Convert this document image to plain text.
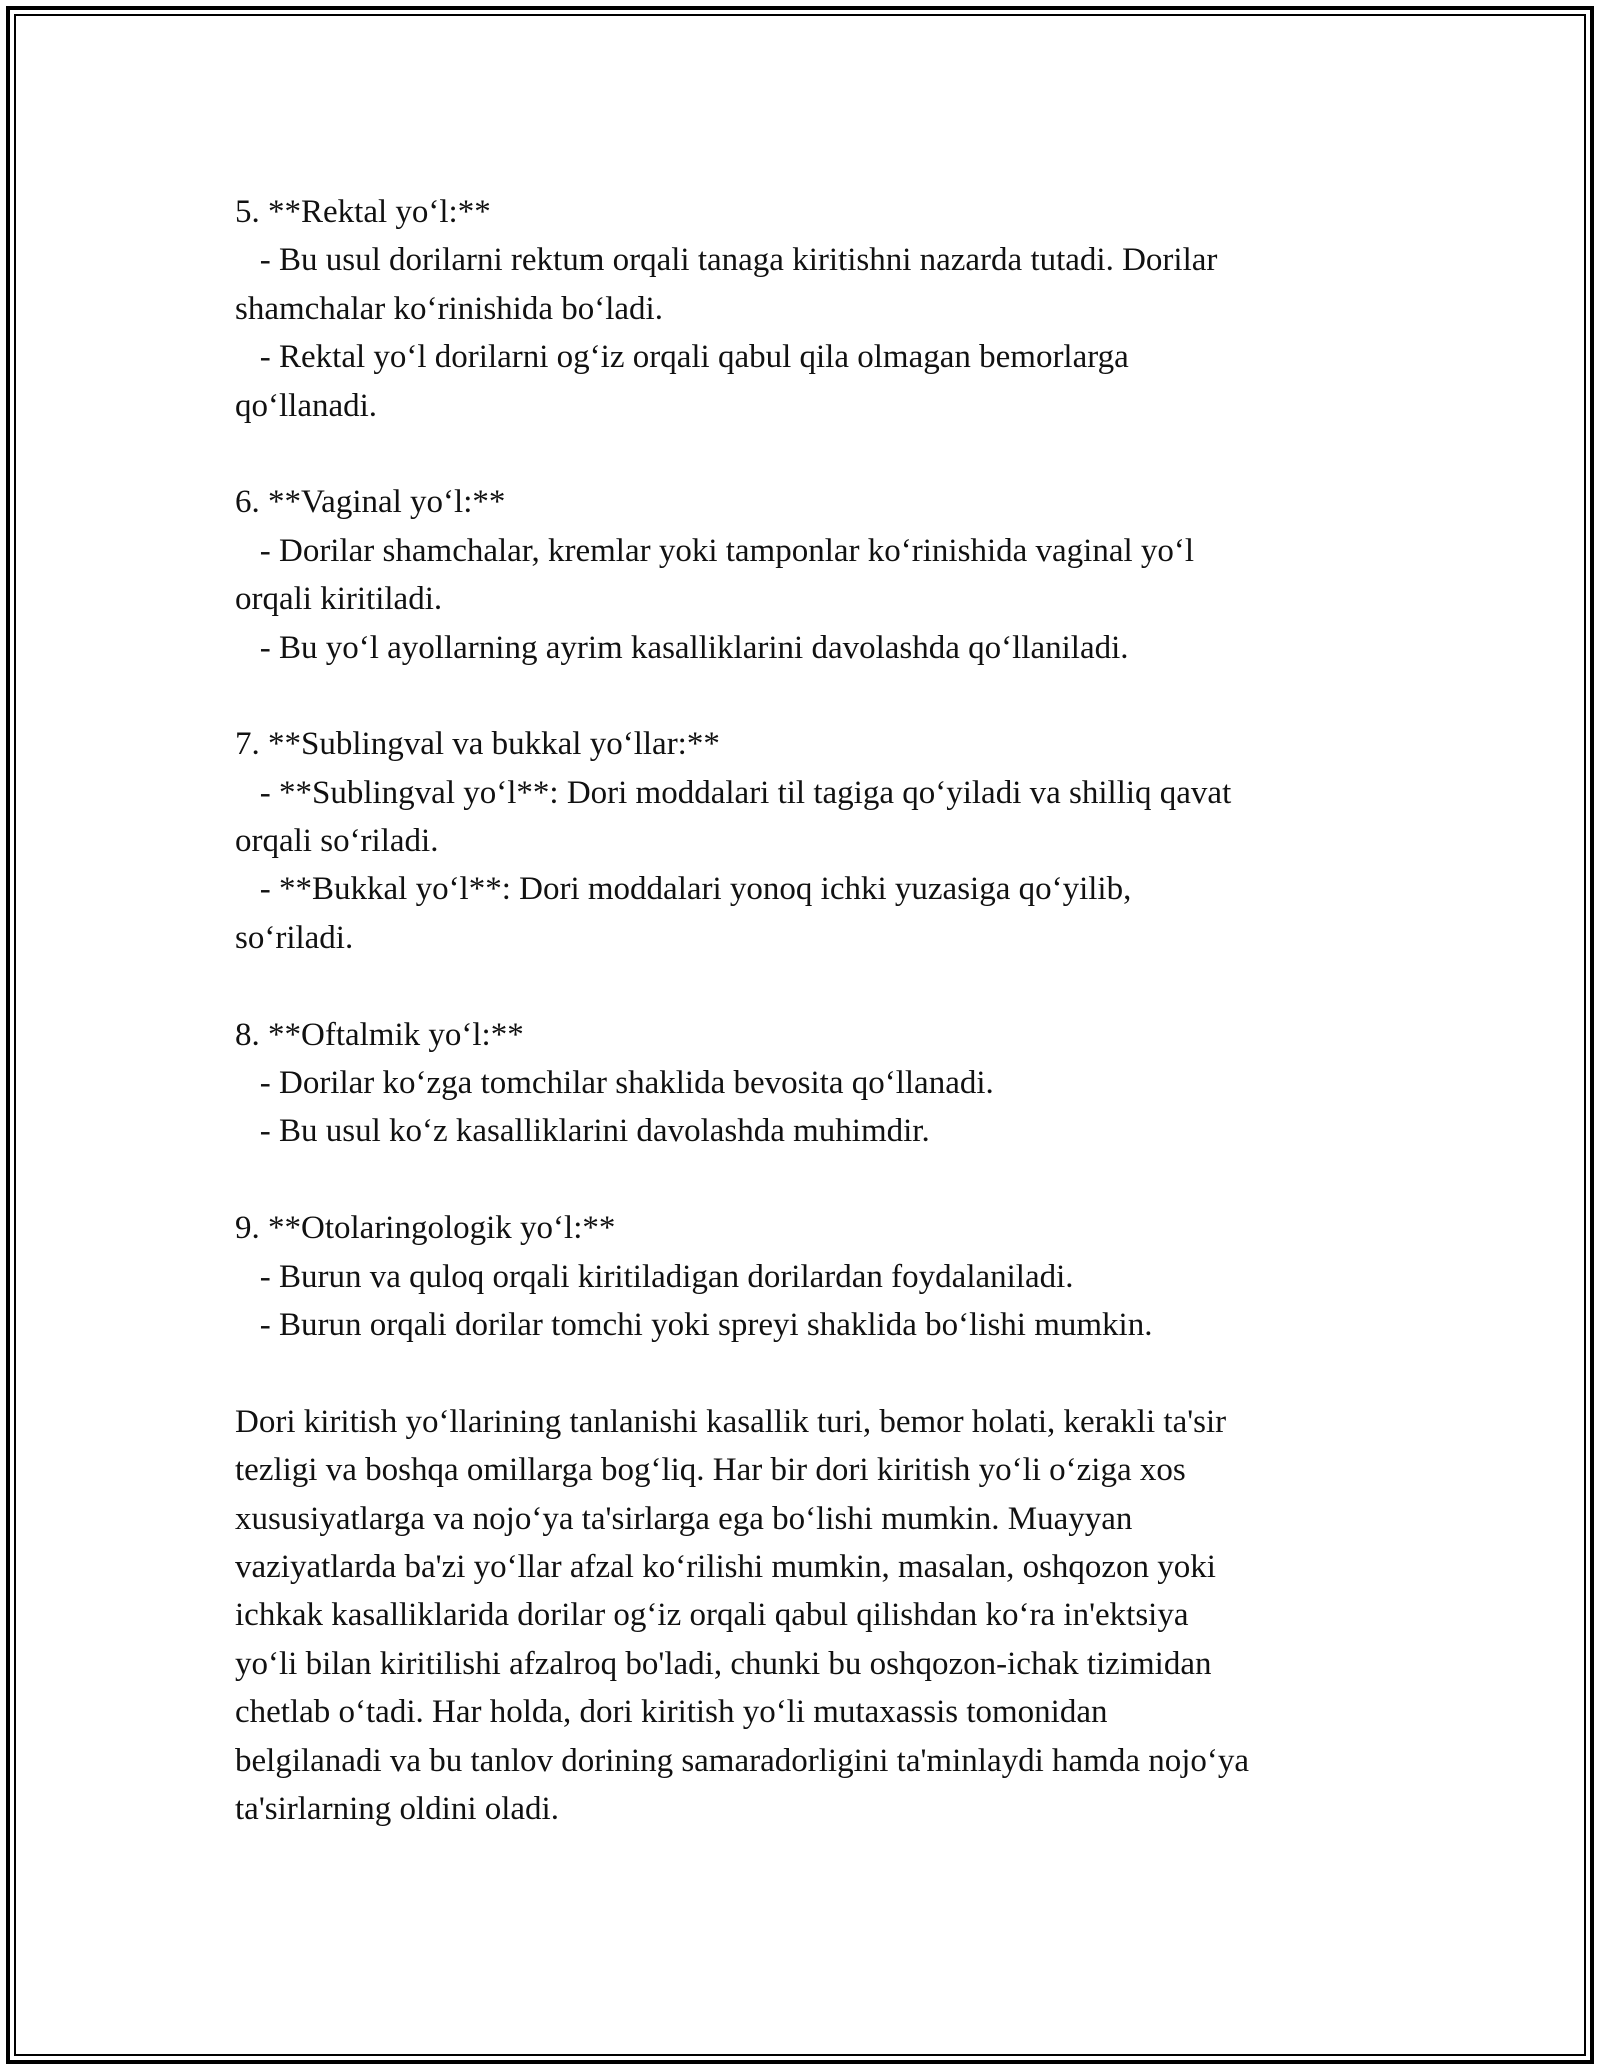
5. **Rektal yo‘l:**
- Bu usul dorilarni rektum orqali tanaga kiritishni nazarda tutadi. Dorilar
shamchalar ko‘rinishida bo‘ladi.
- Rektal yo‘l dorilarni og‘iz orqali qabul qila olmagan bemorlarga
qo‘llanadi.
6. **Vaginal yo‘l:**
- Dorilar shamchalar, kremlar yoki tamponlar ko‘rinishida vaginal yo‘l
orqali kiritiladi.
- Bu yo‘l ayollarning ayrim kasalliklarini davolashda qo‘llaniladi.
7. **Sublingval va bukkal yo‘llar:**
- **Sublingval yo‘l**: Dori moddalari til tagiga qo‘yiladi va shilliq qavat
orqali so‘riladi.
- **Bukkal yo‘l**: Dori moddalari yonoq ichki yuzasiga qo‘yilib,
so‘riladi.
8. **Oftalmik yo‘l:**
- Dorilar ko‘zga tomchilar shaklida bevosita qo‘llanadi.
- Bu usul ko‘z kasalliklarini davolashda muhimdir.
9. **Otolaringologik yo‘l:**
- Burun va quloq orqali kiritiladigan dorilardan foydalaniladi.
- Burun orqali dorilar tomchi yoki spreyi shaklida bo‘lishi mumkin.
Dori kiritish yo‘llarining tanlanishi kasallik turi, bemor holati, kerakli ta'sir
tezligi va boshqa omillarga bog‘liq. Har bir dori kiritish yo‘li o‘ziga xos
xususiyatlarga va nojo‘ya ta'sirlarga ega bo‘lishi mumkin. Muayyan
vaziyatlarda ba'zi yo‘llar afzal ko‘rilishi mumkin, masalan, oshqozon yoki
ichkak kasalliklarida dorilar og‘iz orqali qabul qilishdan ko‘ra in'ektsiya
yo‘li bilan kiritilishi afzalroq bo'ladi, chunki bu oshqozon-ichak tizimidan
chetlab o‘tadi. Har holda, dori kiritish yo‘li mutaxassis tomonidan
belgilanadi va bu tanlov dorining samaradorligini ta'minlaydi hamda nojo‘ya
ta'sirlarning oldini oladi.
